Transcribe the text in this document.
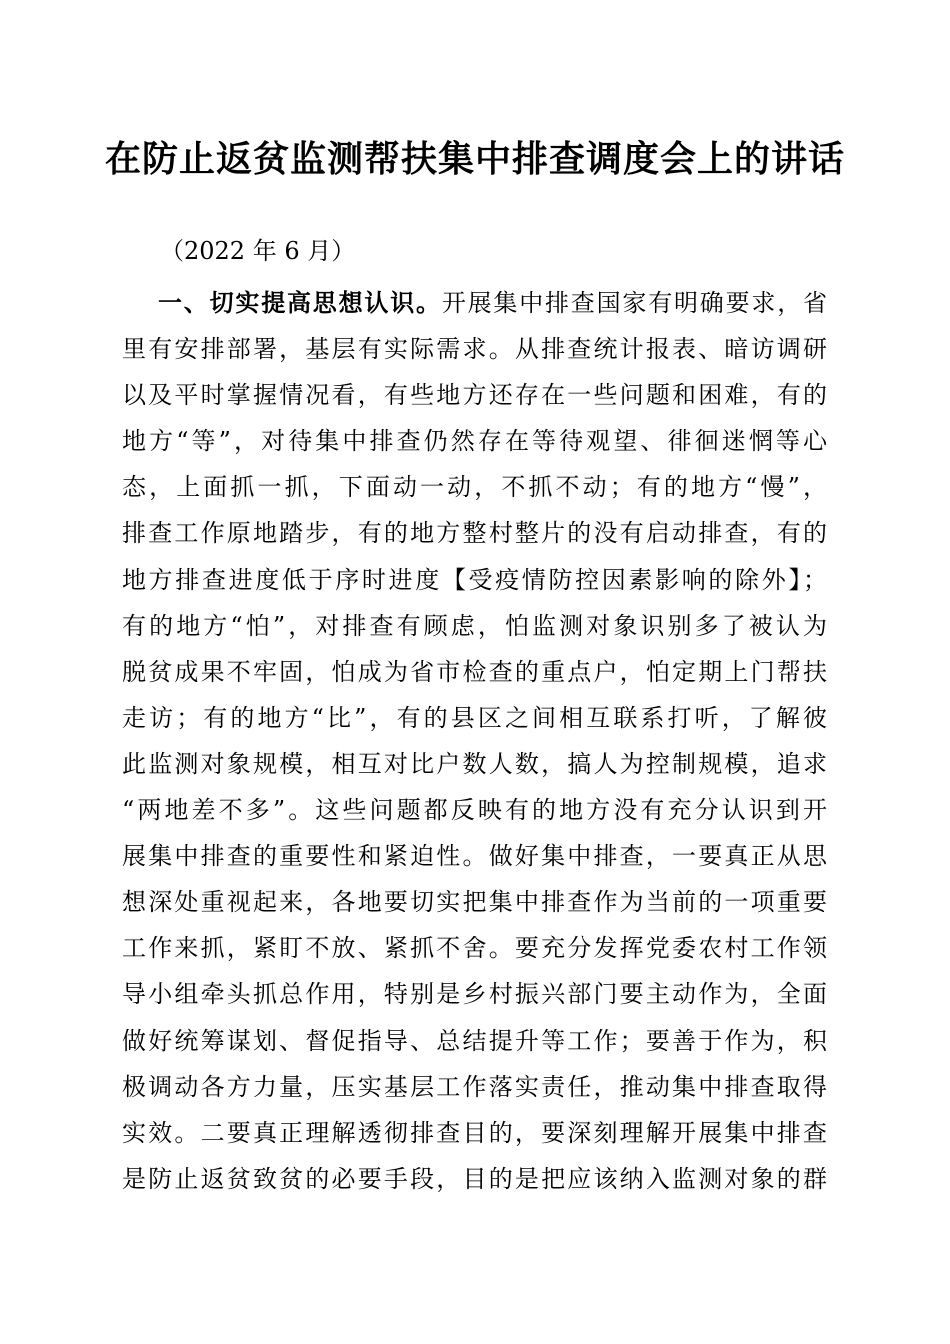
在防止返贫监测帮扶集中排查调度会上的讲话

（2022 年 6 月）

一、切实提高思想认识。开展集中排查国家有明确要求，省
里有安排部署，基层有实际需求。从排查统计报表、暗访调研
以及平时掌握情况看，有些地方还存在一些问题和困难，有的
地方“等”，对待集中排查仍然存在等待观望、徘徊迷惘等心
态，上面抓一抓，下面动一动，不抓不动；有的地方“慢”，
排查工作原地踏步，有的地方整村整片的没有启动排查，有的
地方排查进度低于序时进度【受疫情防控因素影响的除外】；
有的地方“怕”，对排查有顾虑，怕监测对象识别多了被认为
脱贫成果不牢固，怕成为省市检查的重点户，怕定期上门帮扶
走访；有的地方“比”，有的县区之间相互联系打听，了解彼
此监测对象规模，相互对比户数人数，搞人为控制规模，追求
“两地差不多”。这些问题都反映有的地方没有充分认识到开
展集中排查的重要性和紧迫性。做好集中排查，一要真正从思
想深处重视起来，各地要切实把集中排查作为当前的一项重要
工作来抓，紧盯不放、紧抓不舍。要充分发挥党委农村工作领
导小组牵头抓总作用，特别是乡村振兴部门要主动作为，全面
做好统筹谋划、督促指导、总结提升等工作；要善于作为，积
极调动各方力量，压实基层工作落实责任，推动集中排查取得
实效。二要真正理解透彻排查目的，要深刻理解开展集中排查
是防止返贫致贫的必要手段，目的是把应该纳入监测对象的群
